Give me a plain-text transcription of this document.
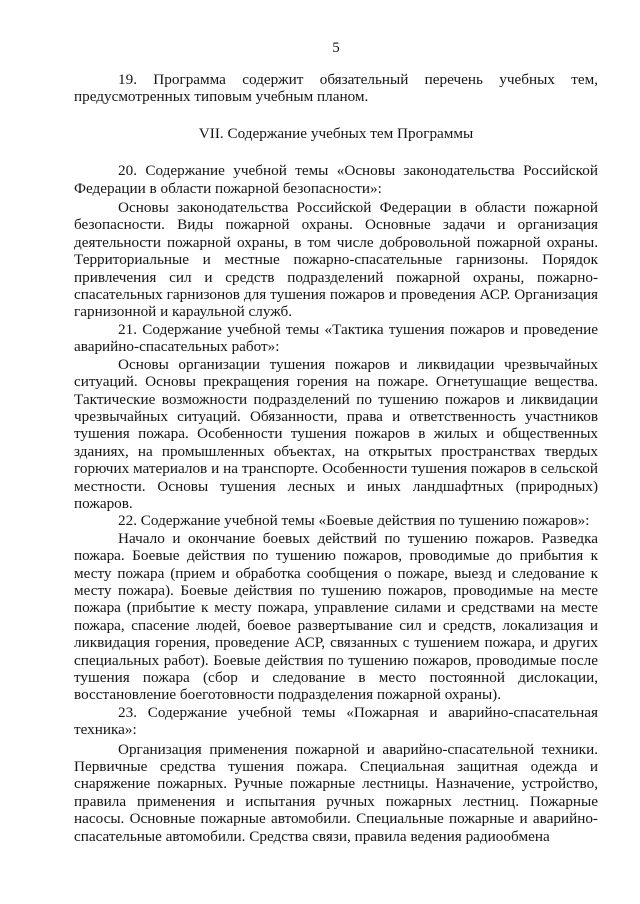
5

19. Программа содержит обязательный перечень учебных тем, предусмотренных типовым учебным планом.

VII. Содержание учебных тем Программы

20. Содержание учебной темы «Основы законодательства Российской Федерации в области пожарной безопасности»:

Основы законодательства Российской Федерации в области пожарной безопасности. Виды пожарной охраны. Основные задачи и организация деятельности пожарной охраны, в том числе добровольной пожарной охраны. Территориальные и местные пожарно-спасательные гарнизоны. Порядок привлечения сил и средств подразделений пожарной охраны, пожарно-спасательных гарнизонов для тушения пожаров и проведения АСР. Организация гарнизонной и караульной служб.

21. Содержание учебной темы «Тактика тушения пожаров и проведение аварийно-спасательных работ»:

Основы организации тушения пожаров и ликвидации чрезвычайных ситуаций. Основы прекращения горения на пожаре. Огнетушащие вещества. Тактические возможности подразделений по тушению пожаров и ликвидации чрезвычайных ситуаций. Обязанности, права и ответственность участников тушения пожара. Особенности тушения пожаров в жилых и общественных зданиях, на промышленных объектах, на открытых пространствах твердых горючих материалов и на транспорте. Особенности тушения пожаров в сельской местности. Основы тушения лесных и иных ландшафтных (природных) пожаров.

22. Содержание учебной темы «Боевые действия по тушению пожаров»:

Начало и окончание боевых действий по тушению пожаров. Разведка пожара. Боевые действия по тушению пожаров, проводимые до прибытия к месту пожара (прием и обработка сообщения о пожаре, выезд и следование к месту пожара). Боевые действия по тушению пожаров, проводимые на месте пожара (прибытие к месту пожара, управление силами и средствами на месте пожара, спасение людей, боевое развертывание сил и средств, локализация и ликвидация горения, проведение АСР, связанных с тушением пожара, и других специальных работ). Боевые действия по тушению пожаров, проводимые после тушения пожара (сбор и следование в место постоянной дислокации, восстановление боеготовности подразделения пожарной охраны).

23. Содержание учебной темы «Пожарная и аварийно-спасательная техника»:

Организация применения пожарной и аварийно-спасательной техники. Первичные средства тушения пожара. Специальная защитная одежда и снаряжение пожарных. Ручные пожарные лестницы. Назначение, устройство, правила применения и испытания ручных пожарных лестниц. Пожарные насосы. Основные пожарные автомобили. Специальные пожарные и аварийно-спасательные автомобили. Средства связи, правила ведения радиообмена
